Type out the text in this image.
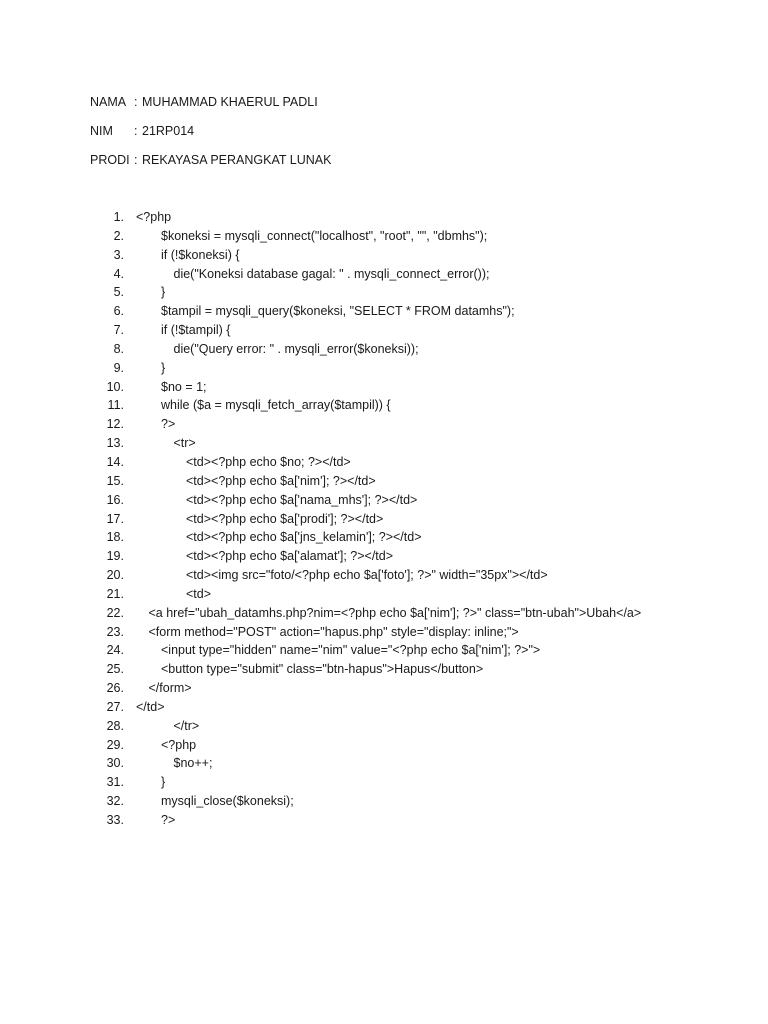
NAMA : MUHAMMAD KHAERUL PADLI
NIM : 21RP014
PRODI : REKAYASA PERANGKAT LUNAK
1. <?php
2.	$koneksi = mysqli_connect("localhost", "root", "", "dbmhs");
3.	if (!$koneksi) {
4.	die("Koneksi database gagal: " . mysqli_connect_error());
5.	}
6.	$tampil = mysqli_query($koneksi, "SELECT * FROM datamhs");
7.	if (!$tampil) {
8.	die("Query error: " . mysqli_error($koneksi));
9.	}
10.	$no = 1;
11.	while ($a = mysqli_fetch_array($tampil)) {
12.	?>
13.	<tr>
14.	<td><?php echo $no; ?></td>
15.	<td><?php echo $a['nim']; ?></td>
16.	<td><?php echo $a['nama_mhs']; ?></td>
17.	<td><?php echo $a['prodi']; ?></td>
18.	<td><?php echo $a['jns_kelamin']; ?></td>
19.	<td><?php echo $a['alamat']; ?></td>
20.	<td><img src="foto/<?php echo $a['foto']; ?>" width="35px"></td>
21.	<td>
22. <a href="ubah_datamhs.php?nim=<?php echo $a['nim']; ?>" class="btn-ubah">Ubah</a>
23. <form method="POST" action="hapus.php" style="display: inline;">
24.	<input type="hidden" name="nim" value="<?php echo $a['nim']; ?>">
25.	<button type="submit" class="btn-hapus">Hapus</button>
26. </form>
27. </td>
28.	</tr>
29.	<?php
30.	$no++;
31.	}
32.	mysqli_close($koneksi);
33.	?>
